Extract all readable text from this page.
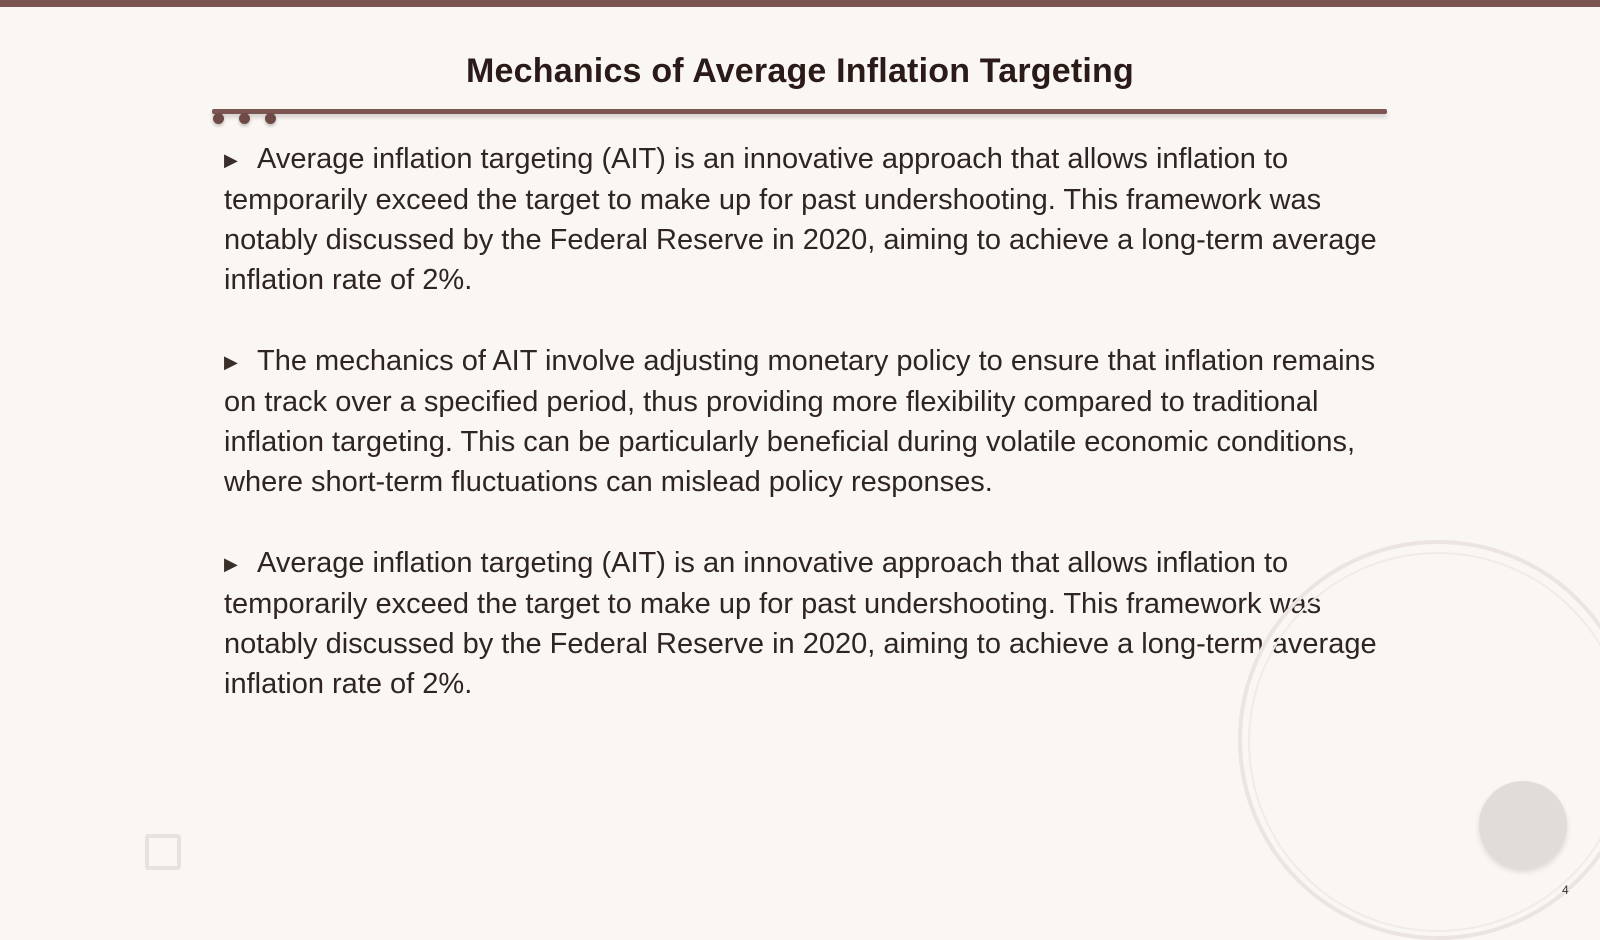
Mechanics of Average Inflation Targeting

▶ Average inflation targeting (AIT) is an innovative approach that allows inflation to temporarily exceed the target to make up for past undershooting. This framework was notably discussed by the Federal Reserve in 2020, aiming to achieve a long-term average inflation rate of 2%.

▶ The mechanics of AIT involve adjusting monetary policy to ensure that inflation remains on track over a specified period, thus providing more flexibility compared to traditional inflation targeting. This can be particularly beneficial during volatile economic conditions, where short-term fluctuations can mislead policy responses.

▶ Average inflation targeting (AIT) is an innovative approach that allows inflation to temporarily exceed the target to make up for past undershooting. This framework was notably discussed by the Federal Reserve in 2020, aiming to achieve a long-term average inflation rate of 2%.

4
